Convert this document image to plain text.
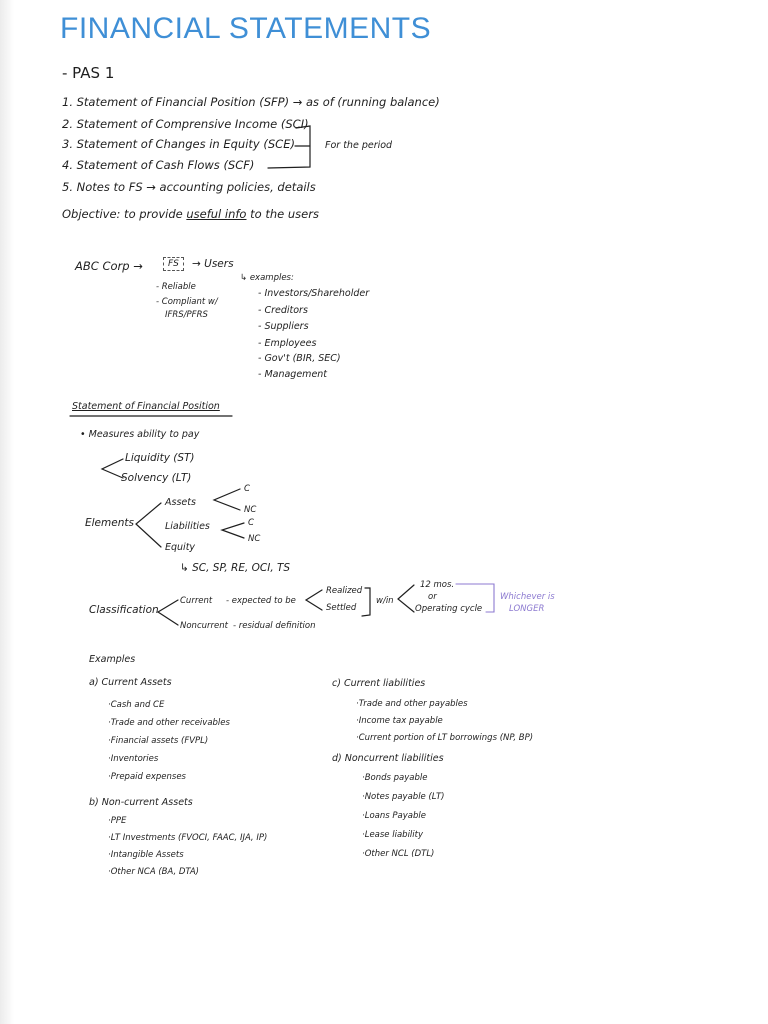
FINANCIAL STATEMENTS
- PAS 1
1. Statement of Financial Position (SFP) → as of (running balance)
2. Statement of Comprensive Income (SCI)
3. Statement of Changes in Equity (SCE)
4. Statement of Cash Flows (SCF)
5. Notes to FS → accounting policies, details
For the period
Objective: to provide useful info to the users
ABC Corp →	FS	→ Users
- Reliable
- Compliant w/
IFRS/PFRS
↳ examples:
- Investors/Shareholder
- Creditors
- Suppliers
- Employees
- Gov't (BIR, SEC)
- Management
Statement of Financial Position
• Measures ability to pay
Liquidity (ST)
Solvency (LT)
Elements
Assets
Liabilities
Equity
C
NC
C
NC
↳ SC, SP, RE, OCI, TS
Classification
Current - expected to be
Realized
Settled
w/in
12 mos.
or
Operating cycle
Whichever is
LONGER
Noncurrent - residual definition
Examples
a) Current Assets
·Cash and CE
·Trade and other receivables
·Financial assets (FVPL)
·Inventories
·Prepaid expenses
b) Non-current Assets
·PPE
·LT Investments (FVOCI, FAAC, IJA, IP)
·Intangible Assets
·Other NCA (BA, DTA)
c) Current liabilities
·Trade and other payables
·Income tax payable
·Current portion of LT borrowings (NP, BP)
d) Noncurrent liabilities
·Bonds payable
·Notes payable (LT)
·Loans Payable
·Lease liability
·Other NCL (DTL)
